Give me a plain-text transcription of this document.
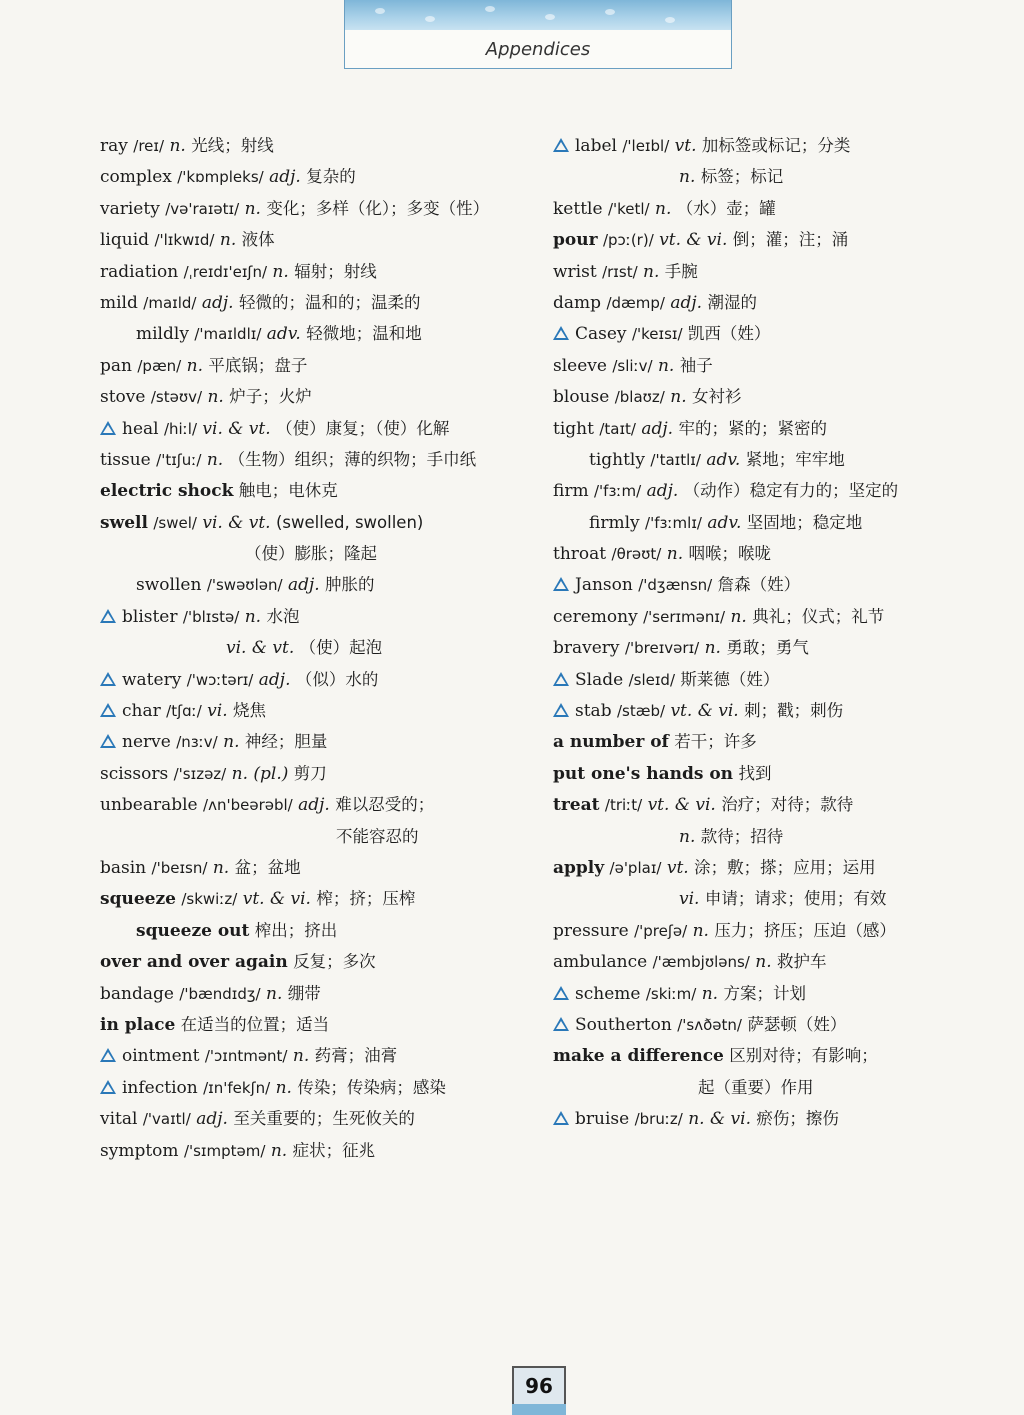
Appendices
ray /reɪ/ n. 光线；射线
complex /'kɒmpleks/ adj. 复杂的
variety /və'raɪətɪ/ n. 变化；多样（化）；多变（性）
liquid /'lɪkwɪd/ n. 液体
radiation /ˌreɪdɪ'eɪʃn/ n. 辐射；射线
mild /maɪld/ adj. 轻微的；温和的；温柔的
mildly /'maɪldlɪ/ adv. 轻微地；温和地
pan /pæn/ n. 平底锅；盘子
stove /stəʊv/ n. 炉子；火炉
heal /hiːl/ vi. & vt. （使）康复；（使）化解
tissue /'tɪʃuː/ n. （生物）组织；薄的织物；手巾纸
electric shock 触电；电休克
swell /swel/ vi. & vt. (swelled, swollen)
（使）膨胀；隆起
swollen /'swəʊlən/ adj. 肿胀的
blister /'blɪstə/ n. 水泡
vi. & vt. （使）起泡
watery /'wɔːtərɪ/ adj. （似）水的
char /tʃɑː/ vi. 烧焦
nerve /nɜːv/ n. 神经；胆量
scissors /'sɪzəz/ n. (pl.) 剪刀
unbearable /ʌn'beərəbl/ adj. 难以忍受的；
不能容忍的
basin /'beɪsn/ n. 盆；盆地
squeeze /skwiːz/ vt. & vi. 榨；挤；压榨
squeeze out 榨出；挤出
over and over again 反复；多次
bandage /'bændɪdʒ/ n. 绷带
in place 在适当的位置；适当
ointment /'ɔɪntmənt/ n. 药膏；油膏
infection /ɪn'fekʃn/ n. 传染；传染病；感染
vital /'vaɪtl/ adj. 至关重要的；生死攸关的
symptom /'sɪmptəm/ n. 症状；征兆
label /'leɪbl/ vt. 加标签或标记；分类
n. 标签；标记
kettle /'ketl/ n. （水）壶；罐
pour /pɔː(r)/ vt. & vi. 倒；灌；注；涌
wrist /rɪst/ n. 手腕
damp /dæmp/ adj. 潮湿的
Casey /'keɪsɪ/ 凯西（姓）
sleeve /sliːv/ n. 袖子
blouse /blaʊz/ n. 女衬衫
tight /taɪt/ adj. 牢的；紧的；紧密的
tightly /'taɪtlɪ/ adv. 紧地；牢牢地
firm /'fɜːm/ adj. （动作）稳定有力的；坚定的
firmly /'fɜːmlɪ/ adv. 坚固地；稳定地
throat /θrəʊt/ n. 咽喉；喉咙
Janson /'dʒænsn/ 詹森（姓）
ceremony /'serɪmənɪ/ n. 典礼；仪式；礼节
bravery /'breɪvərɪ/ n. 勇敢；勇气
Slade /sleɪd/ 斯莱德（姓）
stab /stæb/ vt. & vi. 刺；戳；刺伤
a number of 若干；许多
put one's hands on 找到
treat /triːt/ vt. & vi. 治疗；对待；款待
n. 款待；招待
apply /ə'plaɪ/ vt. 涂；敷；搽；应用；运用
vi. 申请；请求；使用；有效
pressure /'preʃə/ n. 压力；挤压；压迫（感）
ambulance /'æmbjʊləns/ n. 救护车
scheme /skiːm/ n. 方案；计划
Southerton /'sʌðətn/ 萨瑟顿（姓）
make a difference 区别对待；有影响；
起（重要）作用
bruise /bruːz/ n. & vi. 瘀伤；擦伤
96
